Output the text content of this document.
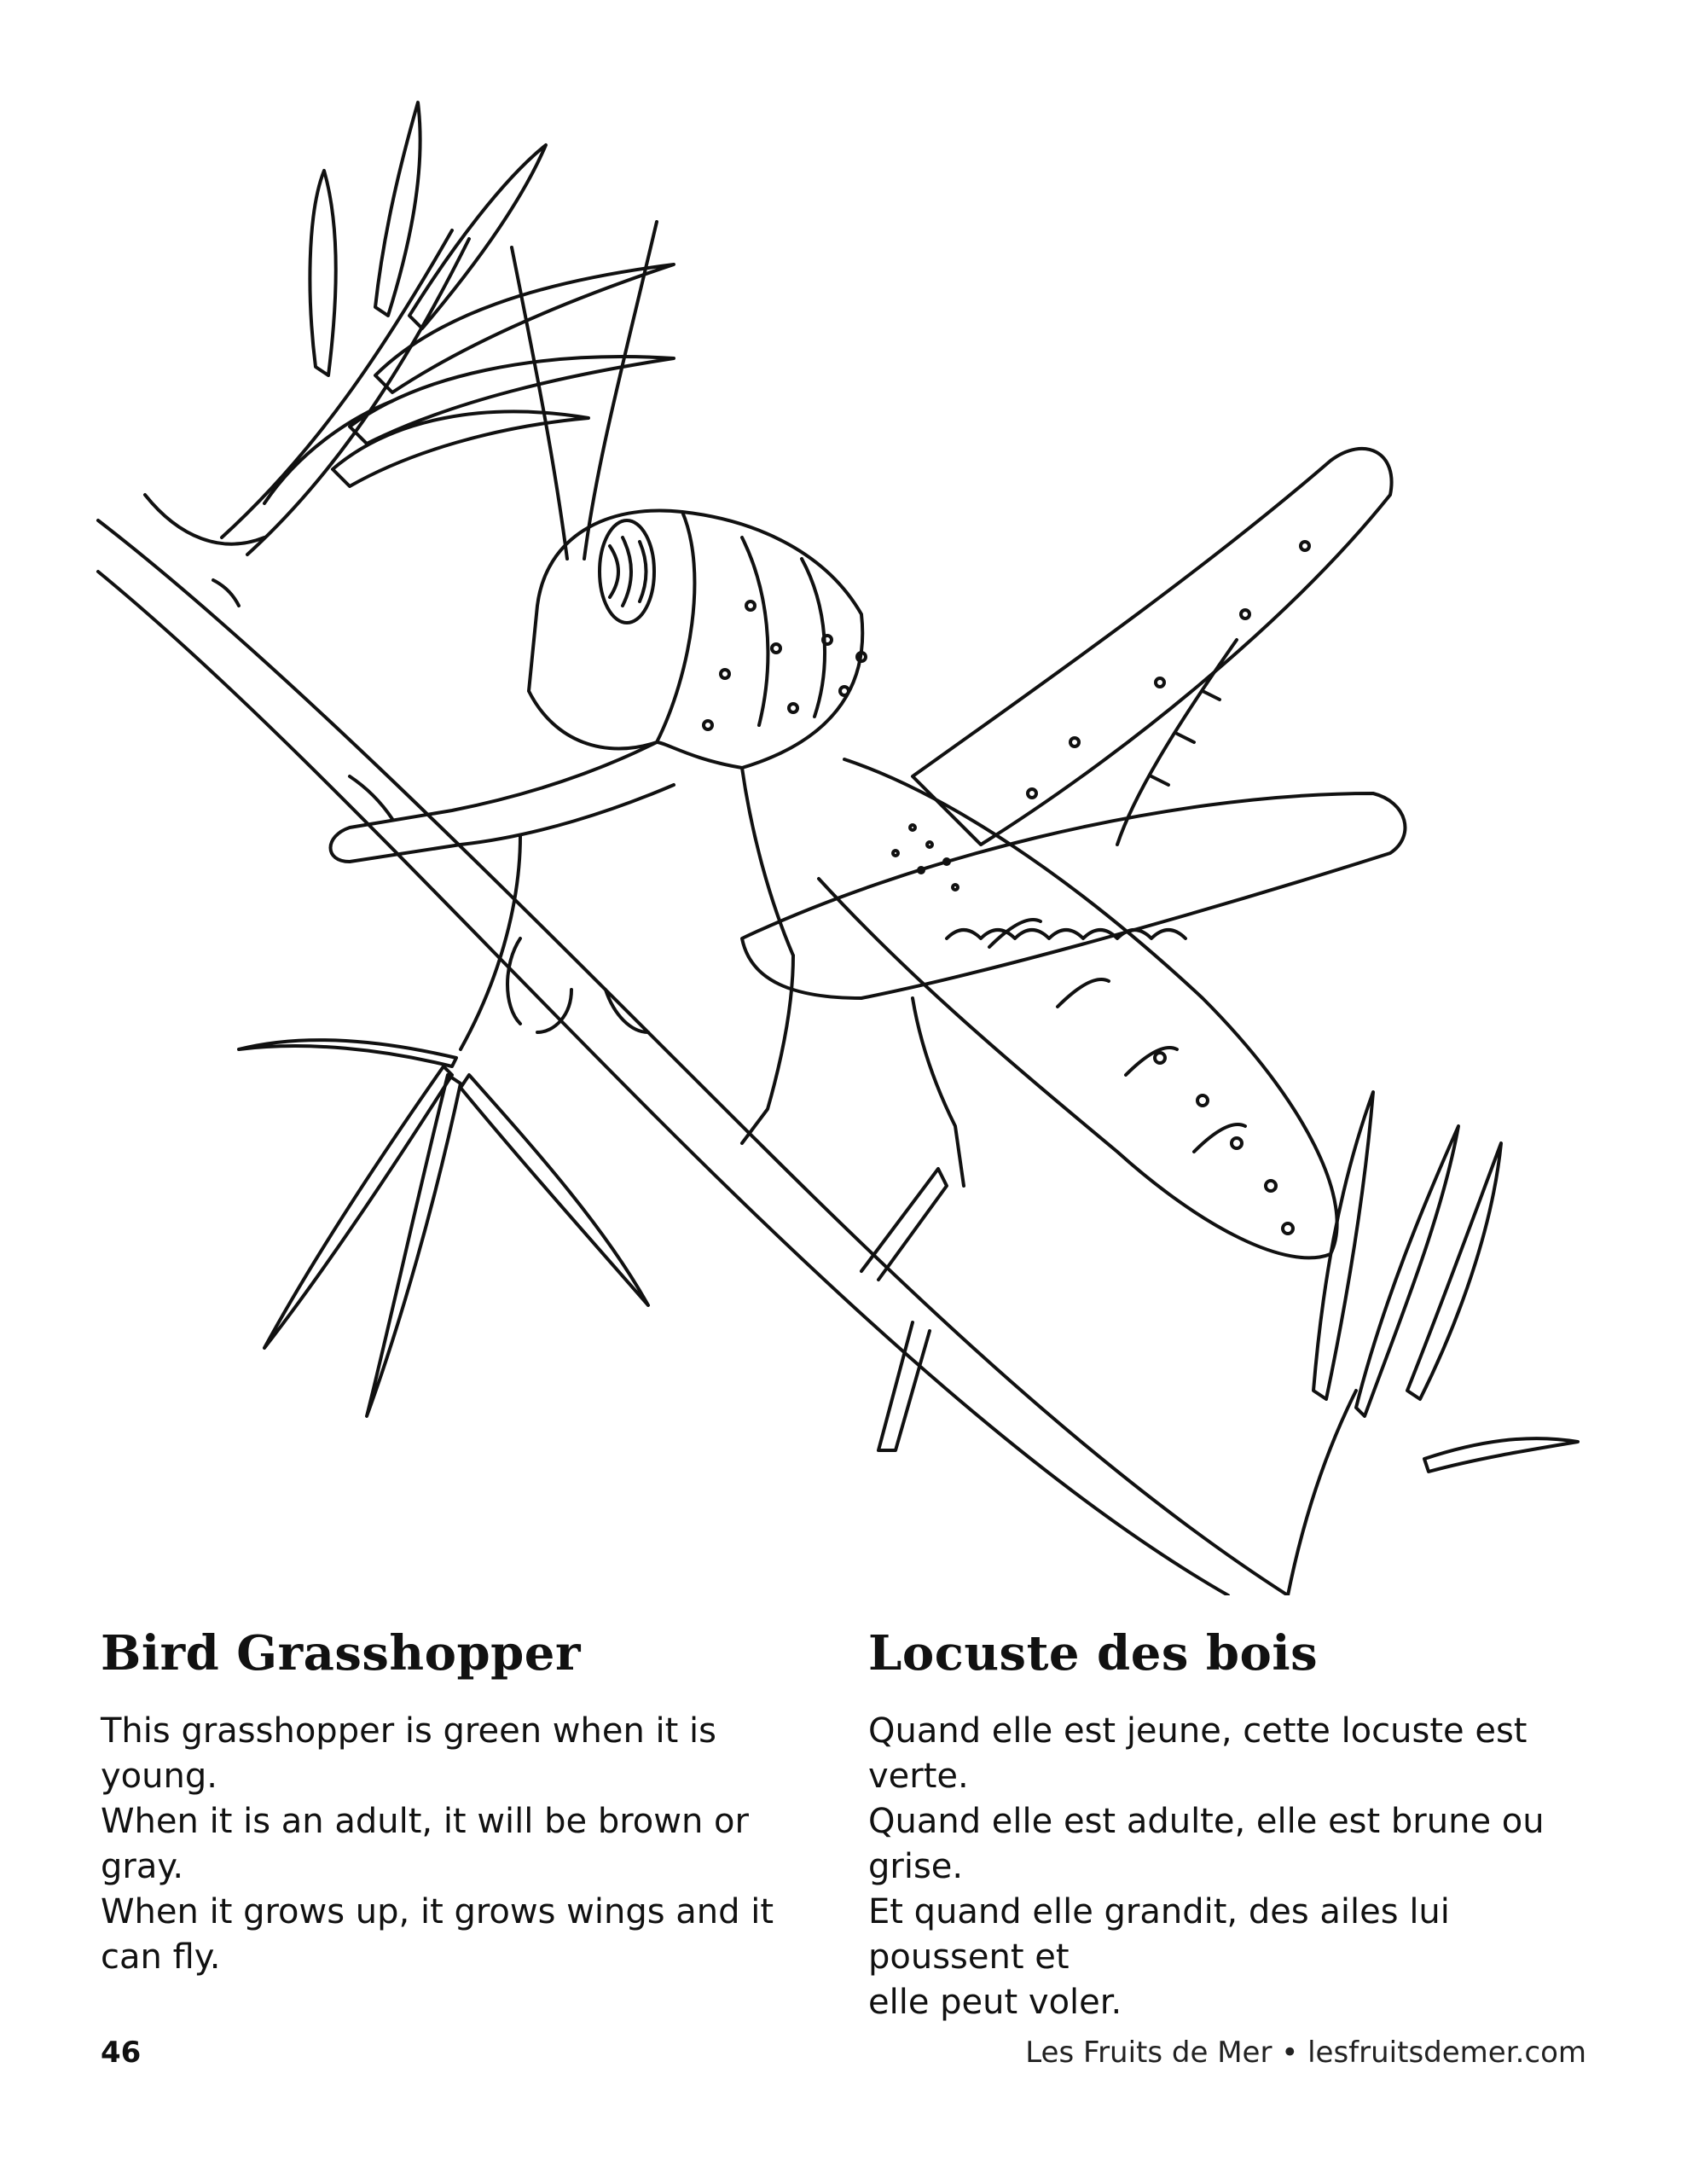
Bird Grasshopper

This grasshopper is green when it is young.

When it is an adult, it will be brown or gray.

When it grows up, it grows wings and it can fly.

Locuste des bois

Quand elle est jeune, cette locuste est verte.

Quand elle est adulte, elle est brune ou grise.

Et quand elle grandit, des ailes lui poussent et

elle peut voler.

46	Les Fruits de Mer • lesfruitsdemer.com
